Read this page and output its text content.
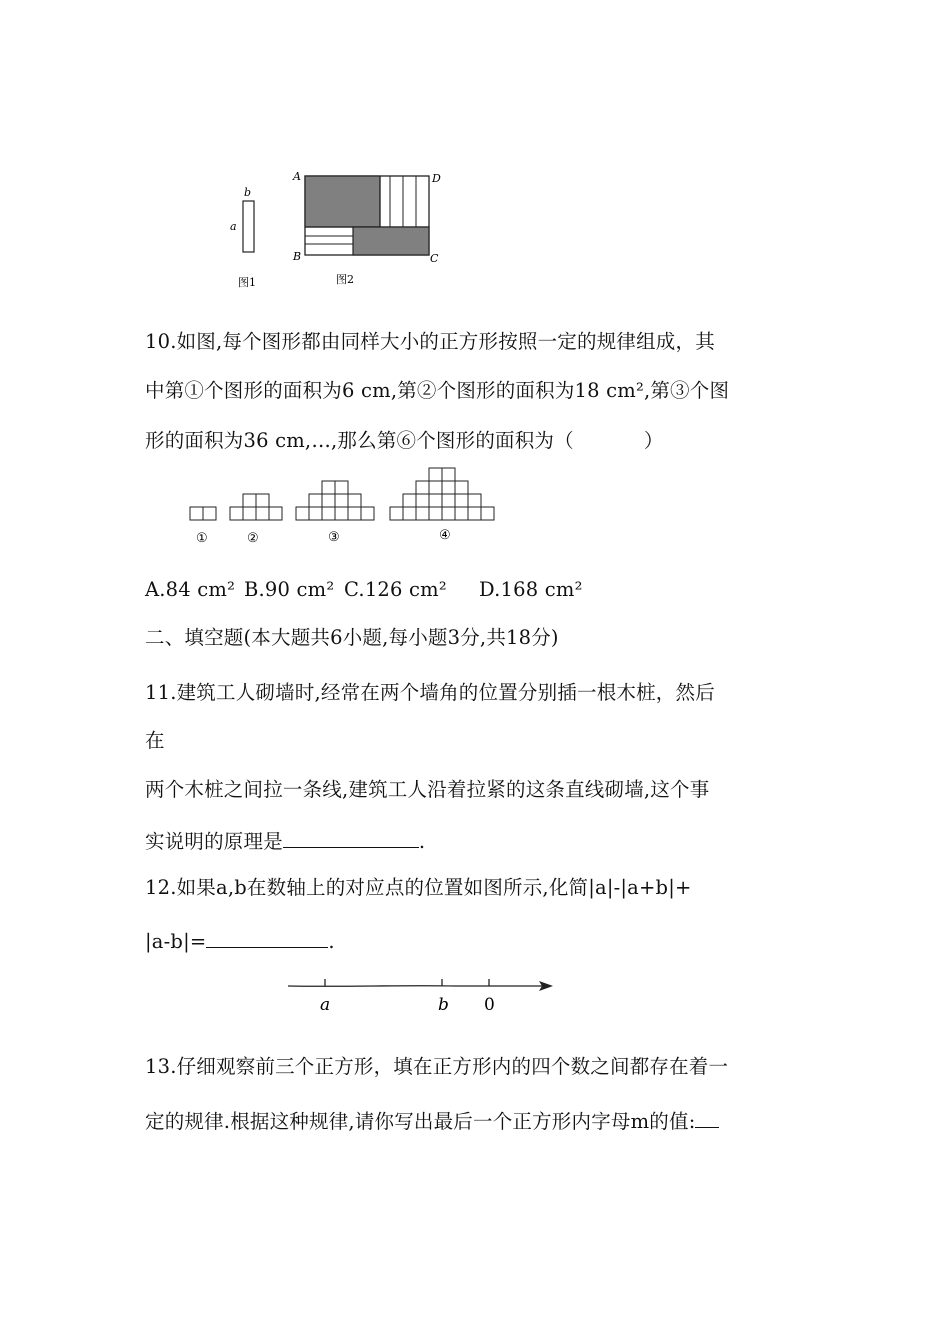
b
a
图1
A	D
B	C
图2
10.如图,每个图形都由同样大小的正方形按照一定的规律组成，其
中第①个图形的面积为6 cm,第②个图形的面积为18 cm²,第③个图
形的面积为36 cm,…,那么第⑥个图形的面积为（	）
①	②	③	④
A.84 cm² B.90 cm² C.126 cm² D.168 cm²
二、填空题(本大题共6小题,每小题3分,共18分)
11.建筑工人砌墙时,经常在两个墙角的位置分别插一根木桩，然后
在
两个木桩之间拉一条线,建筑工人沿着拉紧的这条直线砌墙,这个事
实说明的原理是	.
12.如果a,b在数轴上的对应点的位置如图所示,化简|a|-|a+b|+
|a-b|=	.
a	b 0
13.仔细观察前三个正方形，填在正方形内的四个数之间都存在着一
定的规律.根据这种规律,请你写出最后一个正方形内字母m的值:
